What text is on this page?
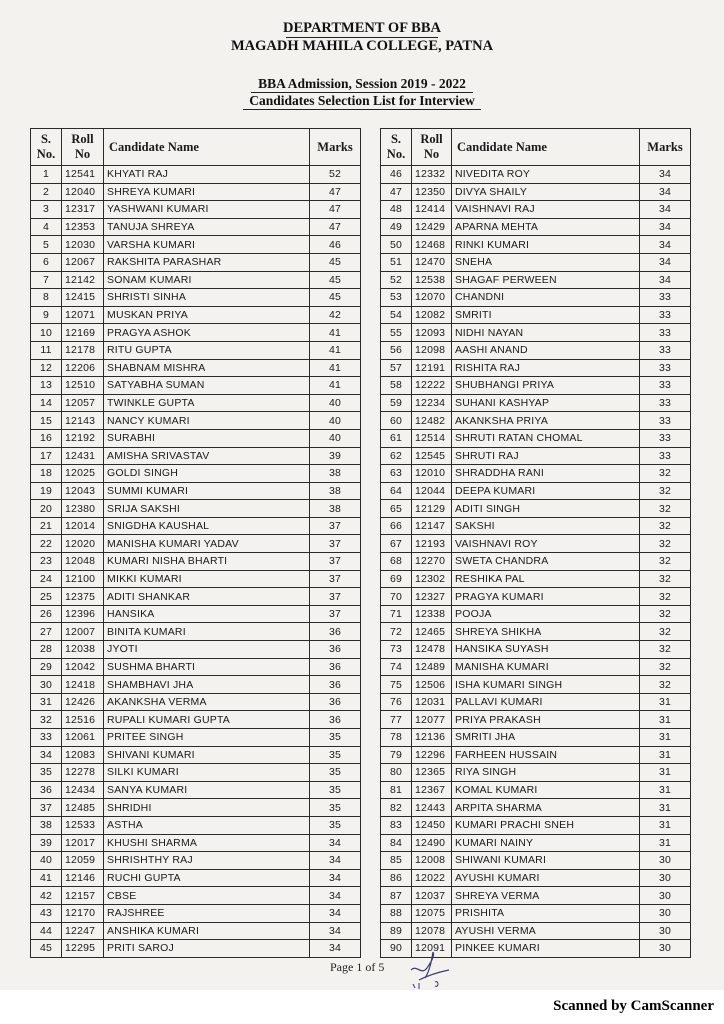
DEPARTMENT OF BBA
MAGADH MAHILA COLLEGE, PATNA
BBA Admission, Session 2019 - 2022
Candidates Selection List for Interview
S.
No.	Roll
No	Candidate Name	Marks
1	12541	KHYATI RAJ	52
2	12040	SHREYA KUMARI	47
3	12317	YASHWANI KUMARI	47
4	12353	TANUJA SHREYA	47
5	12030	VARSHA KUMARI	46
6	12067	RAKSHITA PARASHAR	45
7	12142	SONAM KUMARI	45
8	12415	SHRISTI SINHA	45
9	12071	MUSKAN PRIYA	42
10	12169	PRAGYA ASHOK	41
11	12178	RITU GUPTA	41
12	12206	SHABNAM MISHRA	41
13	12510	SATYABHA SUMAN	41
14	12057	TWINKLE GUPTA	40
15	12143	NANCY KUMARI	40
16	12192	SURABHI	40
17	12431	AMISHA SRIVASTAV	39
18	12025	GOLDI SINGH	38
19	12043	SUMMI KUMARI	38
20	12380	SRIJA SAKSHI	38
21	12014	SNIGDHA KAUSHAL	37
22	12020	MANISHA KUMARI YADAV	37
23	12048	KUMARI NISHA BHARTI	37
24	12100	MIKKI KUMARI	37
25	12375	ADITI SHANKAR	37
26	12396	HANSIKA	37
27	12007	BINITA KUMARI	36
28	12038	JYOTI	36
29	12042	SUSHMA BHARTI	36
30	12418	SHAMBHAVI JHA	36
31	12426	AKANKSHA VERMA	36
32	12516	RUPALI KUMARI GUPTA	36
33	12061	PRITEE SINGH	35
34	12083	SHIVANI KUMARI	35
35	12278	SILKI KUMARI	35
36	12434	SANYA KUMARI	35
37	12485	SHRIDHI	35
38	12533	ASTHA	35
39	12017	KHUSHI SHARMA	34
40	12059	SHRISHTHY RAJ	34
41	12146	RUCHI GUPTA	34
42	12157	CBSE	34
43	12170	RAJSHREE	34
44	12247	ANSHIKA KUMARI	34
45	12295	PRITI SAROJ	34
S.
No.	Roll
No	Candidate Name	Marks
46	12332	NIVEDITA ROY	34
47	12350	DIVYA SHAILY	34
48	12414	VAISHNAVI RAJ	34
49	12429	APARNA MEHTA	34
50	12468	RINKI KUMARI	34
51	12470	SNEHA	34
52	12538	SHAGAF PERWEEN	34
53	12070	CHANDNI	33
54	12082	SMRITI	33
55	12093	NIDHI NAYAN	33
56	12098	AASHI ANAND	33
57	12191	RISHITA RAJ	33
58	12222	SHUBHANGI PRIYA	33
59	12234	SUHANI KASHYAP	33
60	12482	AKANKSHA PRIYA	33
61	12514	SHRUTI RATAN CHOMAL	33
62	12545	SHRUTI RAJ	33
63	12010	SHRADDHA RANI	32
64	12044	DEEPA KUMARI	32
65	12129	ADITI SINGH	32
66	12147	SAKSHI	32
67	12193	VAISHNAVI ROY	32
68	12270	SWETA CHANDRA	32
69	12302	RESHIKA PAL	32
70	12327	PRAGYA KUMARI	32
71	12338	POOJA	32
72	12465	SHREYA SHIKHA	32
73	12478	HANSIKA SUYASH	32
74	12489	MANISHA KUMARI	32
75	12506	ISHA KUMARI SINGH	32
76	12031	PALLAVI KUMARI	31
77	12077	PRIYA PRAKASH	31
78	12136	SMRITI JHA	31
79	12296	FARHEEN HUSSAIN	31
80	12365	RIYA SINGH	31
81	12367	KOMAL KUMARI	31
82	12443	ARPITA SHARMA	31
83	12450	KUMARI PRACHI SNEH	31
84	12490	KUMARI NAINY	31
85	12008	SHIWANI KUMARI	30
86	12022	AYUSHI KUMARI	30
87	12037	SHREYA VERMA	30
88	12075	PRISHITA	30
89	12078	AYUSHI VERMA	30
90	12091	PINKEE KUMARI	30
Page 1 of 5
Scanned by CamScanner
